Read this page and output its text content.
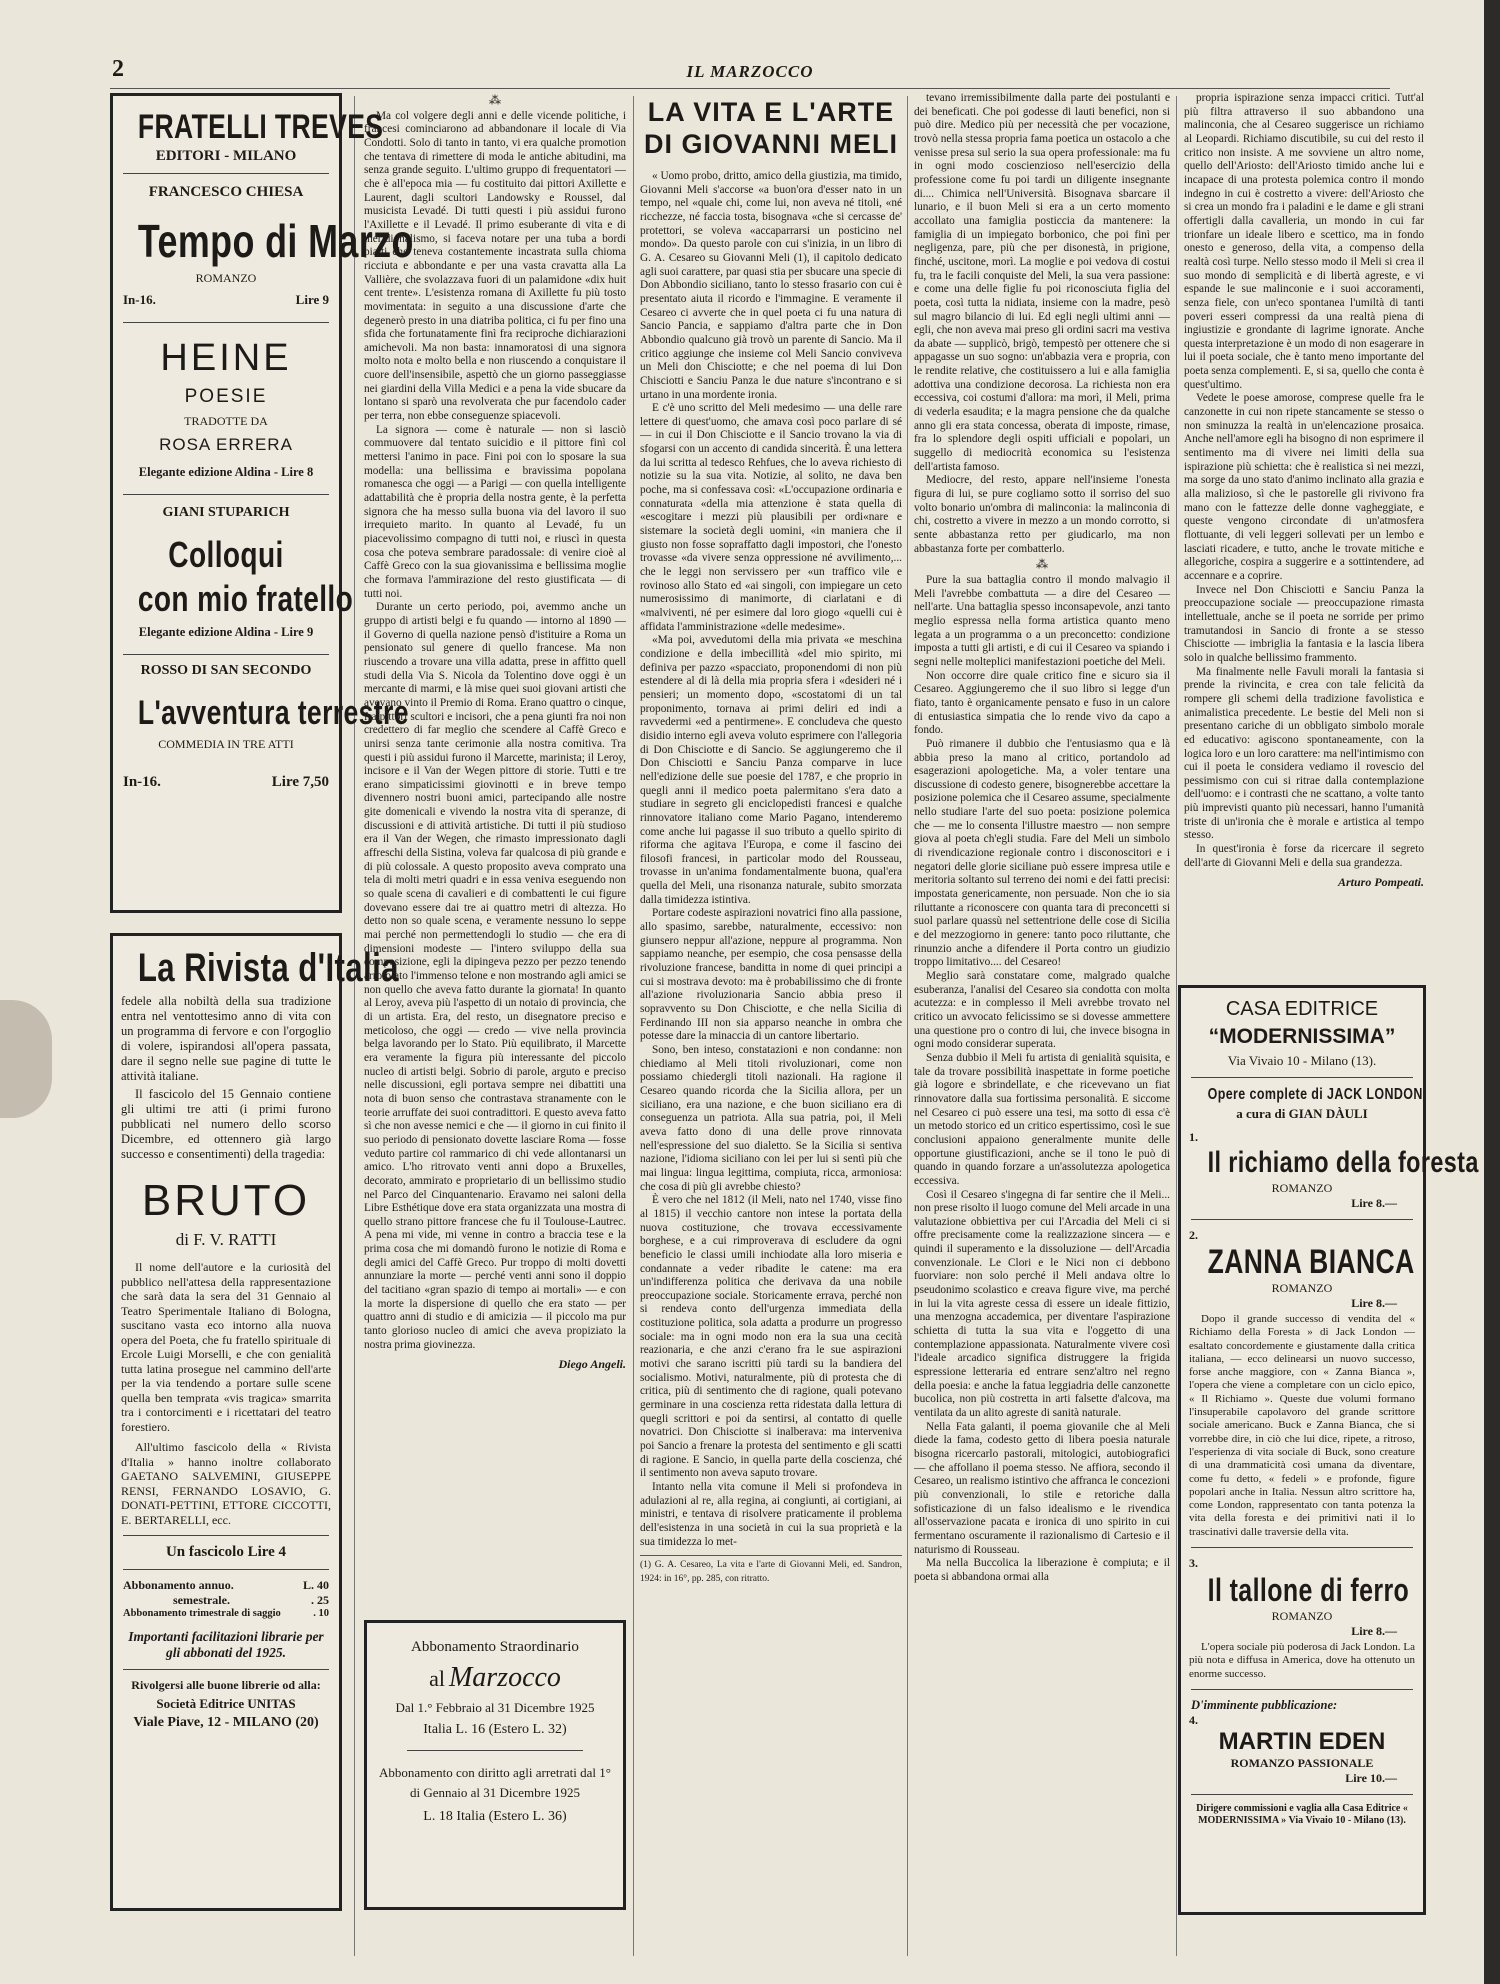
2	IL MARZOCCO
FRATELLI TREVES
EDITORI - MILANO
FRANCESCO CHIESA
Tempo di Marzo
ROMANZO
In-16.	Lire 9
HEINE
POESIE
TRADOTTE DA
ROSA ERRERA
Elegante edizione Aldina - Lire 8
GIANI STUPARICH
Colloqui
con mio fratello
Elegante edizione Aldina - Lire 9
ROSSO DI SAN SECONDO
L'avventura terrestre
COMMEDIA IN TRE ATTI
In-16.	Lire 7,50
La Rivista d'Italia
fedele alla nobiltà della sua tradizione entra nel ventottesimo anno di vita con un programma di fervore e con l'orgoglio di volere, ispirandosi all'opera passata, dare il segno nelle sue pagine di tutte le attività italiane.
Il fascicolo del 15 Gennaio contiene gli ultimi tre atti (i primi furono pubblicati nel numero dello scorso Dicembre, ed ottennero già largo successo e consentimenti) della tragedia:
BRUTO
di F. V. RATTI
Il nome dell'autore e la curiosità del pubblico nell'attesa della rappresentazione che sarà data la sera del 31 Gennaio al Teatro Sperimentale Italiano di Bologna, suscitano vasta eco intorno alla nuova opera del Poeta, che fu fratello spirituale di Ercole Luigi Morselli, e che con genialità tutta latina prosegue nel cammino dell'arte per la via tendendo a portare sulle scene quella ben temprata «vis tragica» smarrita tra i contorcimenti e i ricettatari del teatro forestiero.
All'ultimo fascicolo della « Rivista d'Italia » hanno inoltre collaborato GAETANO SALVEMINI, GIUSEPPE RENSI, FERNANDO LOSAVIO, G. DONATI-PETTINI, ETTORE CICCOTTI, E. BERTARELLI, ecc.
Un fascicolo Lire 4
Abbonamento annuo.	L. 40
semestrale.	. 25
Abbonamento trimestrale di saggio	. 10
Importanti facilitazioni librarie per gli abbonati del 1925.
Rivolgersi alle buone librerie od alla:
Società Editrice UNITAS
Viale Piave, 12 - MILANO (20)
⁂

Ma col volgere degli anni e delle vicende politiche, i francesi cominciarono ad abbandonare il locale di Via Condotti. Solo di tanto in tanto, vi era qualche promotion che tentava di rimettere di moda le antiche abitudini, ma senza grande seguito. L'ultimo gruppo di frequentatori — che è all'epoca mia — fu costituito dai pittori Axillette e Laurent, dagli scultori Landowsky e Roussel, dal musicista Levadé. Di tutti questi i più assidui furono l'Axillette e il Levadé. Il primo esuberante di vita e di meridionalismo, si faceva notare per una tuba a bordi piatti che teneva costantemente incastrata sulla chioma ricciuta e abbondante e per una vasta cravatta alla La Vallière, che svolazzava fuori di un palamidone «dix huit cent trente». L'esistenza romana di Axillette fu più tosto movimentata: in seguito a una discussione d'arte che degenerò presto in una diatriba politica, ci fu per fino una sfida che fortunatamente finì fra reciproche dichiarazioni amichevoli. Ma non basta: innamoratosi di una signora molto nota e molto bella e non riuscendo a conquistare il cuore dell'insensibile, aspettò che un giorno passeggiasse nei giardini della Villa Medici e a pena la vide sbucare da lontano si sparò una revolverata che pur facendolo cader per terra, non ebbe conseguenze spiacevoli.

La signora — come è naturale — non si lasciò commuovere dal tentato suicidio e il pittore finì col mettersi l'animo in pace. Fini poi con lo sposare la sua modella: una bellissima e bravissima popolana romanesca che oggi — a Parigi — con quella intelligente adattabilità che è propria della nostra gente, è la perfetta signora che ha messo sulla buona via del lavoro il suo irrequieto marito. In quanto al Levadé, fu un piacevolissimo compagno di tutti noi, e riuscì in questa cosa che poteva sembrare paradossale: di venire cioè al Caffè Greco con la sua giovanissima e bellissima moglie che formava l'ammirazione del resto giustificata — di tutti noi.

Durante un certo periodo, poi, avemmo anche un gruppo di artisti belgi e fu quando — intorno al 1890 — il Governo di quella nazione pensò d'istituire a Roma un pensionato sul genere di quello francese. Ma non riuscendo a trovare una villa adatta, prese in affitto quell studi della Via S. Nicola da Tolentino dove oggi è un mercante di marmi, e là mise quei suoi giovani artisti che avevano vinto il Premio di Roma. Erano quattro o cinque, fra pittori scultori e incisori, che a pena giunti fra noi non credettero di far meglio che scendere al Caffè Greco e unirsi senza tante cerimonie alla nostra comitiva. Tra questi i più assidui furono il Marcette, marinista; il Leroy, incisore e il Van der Wegen pittore di storie. Tutti e tre erano simpaticissimi giovinotti e in breve tempo divennero nostri buoni amici, partecipando alle nostre gite domenicali e vivendo la nostra vita di speranze, di discussioni e di attività artistiche. Di tutti il più studioso era il Van der Wegen, che rimasto impressionato dagli affreschi della Sistina, voleva far qualcosa di più grande e di più colossale. A questo proposito aveva comprato una tela di molti metri quadri e in essa veniva eseguendo non so quale scena di cavalieri e di combattenti le cui figure dovevano essere dai tre ai quattro metri di altezza. Ho detto non so quale scena, e veramente nessuno lo seppe mai perché non permettendogli lo studio — che era di dimensioni modeste — l'intero sviluppo della sua composizione, egli la dipingeva pezzo per pezzo tenendo arrotolato l'immenso telone e non mostrando agli amici se non quello che aveva fatto durante la giornata! In quanto al Leroy, aveva più l'aspetto di un notaio di provincia, che di un artista. Era, del resto, un disegnatore preciso e meticoloso, che oggi — credo — vive nella provincia belga lavorando per lo Stato. Più equilibrato, il Marcette era veramente la figura più interessante del piccolo nucleo di artisti belgi. Sobrio di parole, arguto e preciso nelle discussioni, egli portava sempre nei dibattiti una nota di buon senso che contrastava stranamente con le teorie arruffate dei suoi contradittori. E questo aveva fatto sì che non avesse nemici e che — il giorno in cui finito il suo periodo di pensionato dovette lasciare Roma — fosse veduto partire col rammarico di chi vede allontanarsi un amico. L'ho ritrovato venti anni dopo a Bruxelles, decorato, ammirato e proprietario di un bellissimo studio nel Parco del Cinquantenario. Eravamo nei saloni della Libre Esthétique dove era stata organizzata una mostra di quello strano pittore francese che fu il Toulouse-Lautrec. A pena mi vide, mi venne in contro a braccia tese e la prima cosa che mi domandò furono le notizie di Roma e degli amici del Caffè Greco. Pur troppo di molti dovetti annunziare la morte — perché venti anni sono il doppio del tacitiano «gran spazio di tempo ai mortali» — e con la morte la dispersione di quello che era stato — per quattro anni di studio e di amicizia — il piccolo ma pur tanto glorioso nucleo di amici che aveva propiziato la nostra prima giovinezza.

Diego Angeli.
Abbonamento Straordinario
al Marzocco
Dal 1.° Febbraio al 31 Dicembre 1925
Italia L. 16 (Estero L. 32)
Abbonamento con diritto agli arretrati dal 1° di Gennaio al 31 Dicembre 1925
L. 18 Italia (Estero L. 36)
LA VITA E L'ARTE
DI GIOVANNI MELI

« Uomo probo, dritto, amico della giustizia, ma timido, Giovanni Meli s'accorse «a buon'ora d'esser nato in un tempo, nel «quale chi, come lui, non aveva né titoli, «né ricchezze, né faccia tosta, bisognava «che si cercasse de' protettori, se voleva «accaparrarsi un posticino nel mondo». Da questo parole con cui s'inizia, in un libro di G. A. Cesareo su Giovanni Meli (1), il capitolo dedicato agli suoi carattere, par quasi stia per sbucare una specie di Don Abbondio siciliano, tanto lo stesso frasario con cui è presentato aiuta il ricordo e l'immagine. E veramente il Cesareo ci avverte che in quel poeta ci fu una natura di Sancio Pancia, e sappiamo d'altra parte che in Don Abbondio qualcuno già trovò un parente di Sancio. Ma il critico aggiunge che insieme col Meli Sancio conviveva un Meli don Chisciotte; e che nel poema di lui Don Chisciotti e Sanciu Panza le due nature s'incontrano e si urtano in una mordente ironia.

E c'è uno scritto del Meli medesimo — una delle rare lettere di quest'uomo, che amava così poco parlare di sé — in cui il Don Chisciotte e il Sancio trovano la via di sfogarsi con un accento di candida sincerità. È una lettera da lui scritta al tedesco Rehfues, che lo aveva richiesto di notizie su la sua vita. Notizie, al solito, ne dava ben poche, ma si confessava così: «L'occupazione ordinaria e connaturata «della mia attenzione è stata quella di «escogitare i mezzi più plausibili per ordi«nare e sistemare la società degli uomini, «in maniera che il giusto non fosse sopraffatto dagli impostori, che l'onesto trovasse «da vivere senza oppressione né avvilimento,... che le leggi non servissero per «un traffico vile e rovinoso allo Stato ed «ai singoli, con impiegare un ceto numerosissimo di manimorte, di ciarlatani e di «malviventi, né per esimere dal loro giogo «quelli cui è affidata l'amministrazione «delle medesime».

«Ma poi, avvedutomi della mia privata «e meschina condizione e della imbecillità «del mio spirito, mi definiva per pazzo «spacciato, proponendomi di non più estendere al di là della mia propria sfera i «desideri né i pensieri; un momento dopo, «scostatomi di un tal proponimento, tornava ai primi deliri ed indi a ravvedermi «ed a pentirmene». E concludeva che questo disidio interno egli aveva voluto esprimere con l'allegoria di Don Chisciotte e di Sancio. Se aggiungeremo che il Don Chisciotti e Sanciu Panza comparve in luce nell'edizione delle sue poesie del 1787, e che proprio in quegli anni il medico poeta palermitano s'era dato a studiare in segreto gli enciclopedisti francesi e qualche rinnovatore italiano come Mario Pagano, intenderemo come anche lui pagasse il suo tributo a quello spirito di riforma che agitava l'Europa, e come il fascino dei filosofi francesi, in particolar modo del Rousseau, trovasse in un'anima fondamentalmente buona, qual'era quella del Meli, una risonanza naturale, subito smorzata dalla timidezza istintiva.

Portare codeste aspirazioni novatrici fino alla passione, allo spasimo, sarebbe, naturalmente, eccessivo: non giunsero neppur all'azione, neppure al programma. Non sappiamo neanche, per esempio, che cosa pensasse della rivoluzione francese, banditta in nome di quei principi a cui si mostrava devoto: ma è probabilissimo che di fronte all'azione rivoluzionaria Sancio abbia preso il sopravvento su Don Chisciotte, e che nella Sicilia di Ferdinando III non sia apparso neanche in ombra che potesse dare la minaccia di un cantore libertario.

Sono, ben inteso, constatazioni e non condanne: non chiediamo al Meli titoli rivoluzionari, come non possiamo chiedergli titoli nazionali. Ha ragione il Cesareo quando ricorda che la Sicilia allora, per un siciliano, era una nazione, e che buon siciliano era di conseguenza un patriota. Alla sua patria, poi, il Meli aveva fatto dono di una delle prove rinnovata nell'espressione del suo dialetto. Se la Sicilia si sentiva nazione, l'idioma siciliano con lei per lui si sentì più che mai lingua: lingua legittima, compiuta, ricca, armoniosa: che cosa di più gli avrebbe chiesto?

È vero che nel 1812 (il Meli, nato nel 1740, visse fino al 1815) il vecchio cantore non intese la portata della nuova costituzione, che trovava eccessivamente borghese, e a cui rimproverava di escludere da ogni beneficio le classi umili inchiodate alla loro miseria e condannate a veder ribadite le catene: ma era un'indifferenza politica che derivava da una nobile preoccupazione sociale. Storicamente errava, perché non si rendeva conto dell'urgenza immediata della costituzione politica, sola adatta a produrre un progresso sociale: ma in ogni modo non era la sua una cecità reazionaria, e che anzi c'erano fra le sue aspirazioni motivi che sarano iscritti più tardi su la bandiera del socialismo. Motivi, naturalmente, più di protesta che di critica, più di sentimento che di ragione, quali potevano germinare in una coscienza retta ridestata dalla lettura di quegli scrittori e poi da sentirsi, al contatto di quelle novatrici. Don Chisciotte si inalberava: ma interveniva poi Sancio a frenare la protesta del sentimento e gli scatti di ragione. E Sancio, in quella parte della coscienza, ché il sentimento non aveva saputo trovare.

Intanto nella vita comune il Meli si profondeva in adulazioni al re, alla regina, ai congiunti, ai cortigiani, ai ministri, e tentava di risolvere praticamente il problema dell'esistenza in una società in cui la sua proprietà e la sua timidezza lo met-

(1) G. A. Cesareo, La vita e l'arte di Giovanni Meli, ed. Sandron, 1924: in 16°, pp. 285, con ritratto.

tevano irremissibilmente dalla parte dei postulanti e dei beneficati. Che poi godesse di lauti benefici, non si può dire. Medico più per necessità che per vocazione, trovò nella stessa propria fama poetica un ostacolo a che venisse presa sul serio la sua opera professionale: ma fu in ogni modo coscienzioso nell'esercizio della professione come fu poi tardi un diligente insegnante di.... Chimica nell'Università. Bisognava sbarcare il lunario, e il buon Meli si era a un certo momento accollato una famiglia posticcia da mantenere: la famiglia di un impiegato borbonico, che poi finì per negligenza, pare, più che per disonestà, in prigione, finché, uscitone, morì. La moglie e poi vedova di costui fu, tra le facili conquiste del Meli, la sua vera passione: e come una delle figlie fu poi riconosciuta figlia del poeta, così tutta la nidiata, insieme con la madre, pesò sul magro bilancio di lui. Ed egli negli ultimi anni — egli, che non aveva mai preso gli ordini sacri ma vestiva da abate — supplicò, brigò, tempestò per ottenere che si appagasse un suo sogno: un'abbazia vera e propria, con le rendite relative, che costituissero a lui e alla famiglia adottiva una condizione decorosa. La richiesta non era eccessiva, coi costumi d'allora: ma morì, il Meli, prima di vederla esaudita; e la magra pensione che da qualche anno gli era stata concessa, oberata di imposte, rimase, fra lo splendore degli ospiti ufficiali e popolari, un suggello di mediocrità economica su l'esistenza dell'artista famoso.

Mediocre, del resto, appare nell'insieme l'onesta figura di lui, se pure cogliamo sotto il sorriso del suo volto bonario un'ombra di malinconia: la malinconia di chi, costretto a vivere in mezzo a un mondo corrotto, si sente abbastanza retto per giudicarlo, ma non abbastanza forte per combatterlo.

⁂

Pure la sua battaglia contro il mondo malvagio il Meli l'avrebbe combattuta — a dire del Cesareo — nell'arte. Una battaglia spesso inconsapevole, anzi tanto meglio espressa nella forma artistica quanto meno legata a un programma o a un preconcetto: condizione imposta a tutti gli artisti, e di cui il Cesareo va spiando i segni nelle molteplici manifestazioni poetiche del Meli.

Non occorre dire quale critico fine e sicuro sia il Cesareo. Aggiungeremo che il suo libro si legge d'un fiato, tanto è organicamente pensato e fuso in un calore di entusiastica simpatia che lo rende vivo da capo a fondo.

Può rimanere il dubbio che l'entusiasmo qua e là abbia preso la mano al critico, portandolo ad esagerazioni apologetiche. Ma, a voler tentare una discussione di codesto genere, bisognerebbe accettare la posizione polemica che il Cesareo assume, specialmente nello studiare l'arte del suo poeta: posizione polemica che — me lo consenta l'illustre maestro — non sempre giova al poeta ch'egli studia. Fare del Meli un simbolo di rivendicazione regionale contro i disconoscitori e i negatori delle glorie siciliane può essere impresa utile e meritoria soltanto sul terreno dei nomi e dei fatti precisi: impostata genericamente, non persuade. Non che io sia riluttante a riconoscere con quanta tara di preconcetti si suol parlare quassù nel settentrione delle cose di Sicilia e del mezzogiorno in genere: tanto poco riluttante, che rinunzio anche a difendere il Porta contro un giudizio troppo limitativo.... del Cesareo!

Meglio sarà constatare come, malgrado qualche esuberanza, l'analisi del Cesareo sia condotta con molta acutezza: e in complesso il Meli avrebbe trovato nel critico un avvocato felicissimo se si dovesse ammettere una questione pro o contro di lui, che invece bisogna in ogni modo considerar superata.

Senza dubbio il Meli fu artista di genialità squisita, e tale da trovare possibilità inaspettate in forme poetiche già logore e sbrindellate, e che ricevevano un fiat rinnovatore dalla sua fortissima personalità. E siccome nel Cesareo ci può essere una tesi, ma sotto di essa c'è un metodo storico ed un critico espertissimo, così le sue conclusioni appaiono generalmente munite delle opportune giustificazioni, anche se il tono le può di quando in quando forzare a un'assolutezza apologetica eccessiva.

Così il Cesareo s'ingegna di far sentire che il Meli... non prese risolto il luogo comune del Meli arcade in una valutazione obbiettiva per cui l'Arcadia del Meli ci si offre precisamente come la realizzazione sincera — e quindi il superamento e la dissoluzione — dell'Arcadia convenzionale. Le Clori e le Nici non ci debbono fuorviare: non solo perché il Meli andava oltre lo pseudonimo scolastico e creava figure vive, ma perché in lui la vita agreste cessa di essere un ideale fittizio, una menzogna accademica, per diventare l'aspirazione schietta di tutta la sua vita e l'oggetto di una contemplazione appassionata. Naturalmente vivere così l'ideale arcadico significa distruggere la frigida espressione letteraria ed entrare senz'altro nel regno della poesia: e anche la fatua leggiadria delle canzonette bucolica, non più costretta in arti falsette d'alcova, ma ventilata da un alito agreste di sanità naturale.

Nella Fata galanti, il poema giovanile che al Meli diede la fama, codesto getto di libera poesia naturale bisogna ricercarlo pastorali, mitologici, autobiografici — che affollano il poema stesso. Ne affiora, secondo il Cesareo, un realismo istintivo che affranca le concezioni più convenzionali, lo stile e retoriche dalla sofisticazione di un falso idealismo e le rivendica all'osservazione pacata e ironica di uno spirito in cui fermentano oscuramente il razionalismo di Cartesio e il naturismo di Rousseau.

Ma nella Buccolica la liberazione è compiuta; e il poeta si abbandona ormai alla

propria ispirazione senza impacci critici. Tutt'al più filtra attraverso il suo abbandono una malinconia, che al Cesareo suggerisce un richiamo al Leopardi. Richiamo discutibile, su cui del resto il critico non insiste. A me sovviene un altro nome, quello dell'Ariosto: dell'Ariosto timido anche lui e incapace di una protesta polemica contro il mondo indegno in cui è costretto a vivere: dell'Ariosto che si crea un mondo fra i paladini e le dame e gli strani offertigli dalla cavalleria, un mondo in cui far trionfare un ideale libero e scettico, ma in fondo onesto e generoso, della vita, a compenso della realtà così turpe. Nello stesso modo il Meli si crea il suo mondo di semplicità e di libertà agreste, e vi espande le sue malinconie e i suoi accoramenti, senza fiele, con un'eco spontanea l'umiltà di tanti poveri esseri compressi da una realtà piena di ingiustizie e grondante di lagrime ignorate. Anche questa interpretazione è un modo di non esagerare in lui il poeta sociale, che è tanto meno importante del poeta senza complementi. E, si sa, quello che conta è quest'ultimo.

Vedete le poese amorose, comprese quelle fra le canzonette in cui non ripete stancamente se stesso o non sminuzza la realtà in un'elencazione prosaica. Anche nell'amore egli ha bisogno di non esprimere il sentimento ma di vivere nei limiti della sua ispirazione più schietta: che è realistica sì nei mezzi, ma sorge da uno stato d'animo inclinato alla grazia e alla malizioso, sì che le pastorelle gli rivivono fra mano con le fattezze delle donne vagheggiate, e queste vengono circondate di un'atmosfera flottuante, di veli leggeri sollevati per un lembo e lasciati ricadere, e tutto, anche le trovate mitiche e allegoriche, cospira a suggerire e a sottintendere, ad accennare e a coprire.

Invece nel Don Chisciotti e Sanciu Panza la preoccupazione sociale — preoccupazione rimasta intellettuale, anche se il poeta ne sorride per primo tramutandosi in Sancio di fronte a se stesso Chisciotte — imbriglia la fantasia e la lascia libera solo in qualche bellissimo frammento.

Ma finalmente nelle Favuli morali la fantasia si prende la rivincita, e crea con tale felicità da rompere gli schemi della tradizione favolistica e animalistica precedente. Le bestie del Meli non si presentano cariche di un obbligato simbolo morale ed educativo: agiscono spontaneamente, con la logica loro e un loro carattere: ma nell'intimismo con cui il poeta le considera vediamo il rovescio del pessimismo con cui si ritrae dalla contemplazione dell'uomo: e i contrasti che ne scattano, a volte tanto più imprevisti quanto più necessari, hanno l'umanità triste di un'ironia che è morale e artistica al tempo stesso.

In quest'ironia è forse da ricercare il segreto dell'arte di Giovanni Meli e della sua grandezza.

Arturo Pompeati.
CASA EDITRICE
“MODERNISSIMA”
Via Vivaio 10 - Milano (13).
Opere complete di JACK LONDON
a cura di GIAN DÀULI
1.
Il richiamo della foresta
ROMANZO
Lire 8.—
2.
ZANNA BIANCA
ROMANZO
Lire 8.—
Dopo il grande successo di vendita del « Richiamo della Foresta » di Jack London — esaltato concordemente e giustamente dalla critica italiana, — ecco delinearsi un nuovo successo, forse anche maggiore, con « Zanna Bianca », l'opera che viene a completare con un ciclo epico, « Il Richiamo ». Queste due volumi formano l'insuperabile capolavoro del grande scrittore sociale americano. Buck e Zanna Bianca, che si vorrebbe dire, in ciò che lui dice, ripete, a ritroso, l'esperienza di vita sociale di Buck, sono creature di una drammaticità così umana da diventare, come fu detto, « fedeli » e profonde, figure popolari anche in Italia. Nessun altro scrittore ha, come London, rappresentato con tanta potenza la vita della foresta e dei primitivi nati il lo trascinativi dalle traversie della vita.
3.
Il tallone di ferro
ROMANZO
Lire 8.—
L'opera sociale più poderosa di Jack London. La più nota e diffusa in America, dove ha ottenuto un enorme successo.
D'imminente pubblicazione:
4.
MARTIN EDEN
ROMANZO PASSIONALE
Lire 10.—
Dirigere commissioni e vaglia alla Casa Editrice « MODERNISSIMA » Via Vivaio 10 - Milano (13).
